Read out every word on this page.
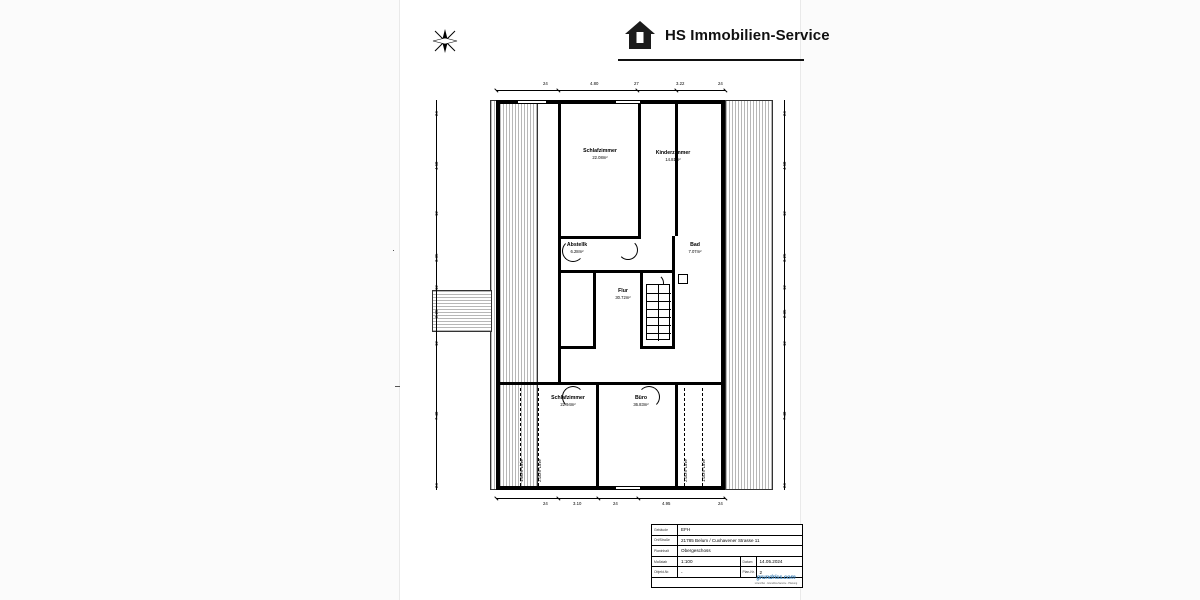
HS Immobilien-Service
1.00m-Linie	2.00m-Linie	2.00m-Linie	1.00m-Linie
Schlafzimmer
22.08m²
Kinderzimmer
14.81m²
Abstellk
6.28m²
Bad
7.07m²
Flur
30.72m²
Schlafzimmer
22.94m²
Büro
36.83m²
24	4.80	27	3.22	24
24	3.10	24	4.95	24
24
4.60
12
3.35
12
2.25
12
7.40
24
24
4.60
12
3.25
12
2.35
12
7.40
24
Gebäude	EFH
Ort/Straße	21785 Belum / Cuxhavener Strasse 11
Planinhalt	Obergeschoss
Maßstab	1:100	Datum	14.05.2024
Objekt-Nr.	-	Plan-Nr.	2
grundriss.com
Lizenzfrei · Grundriss-Service · Planung
